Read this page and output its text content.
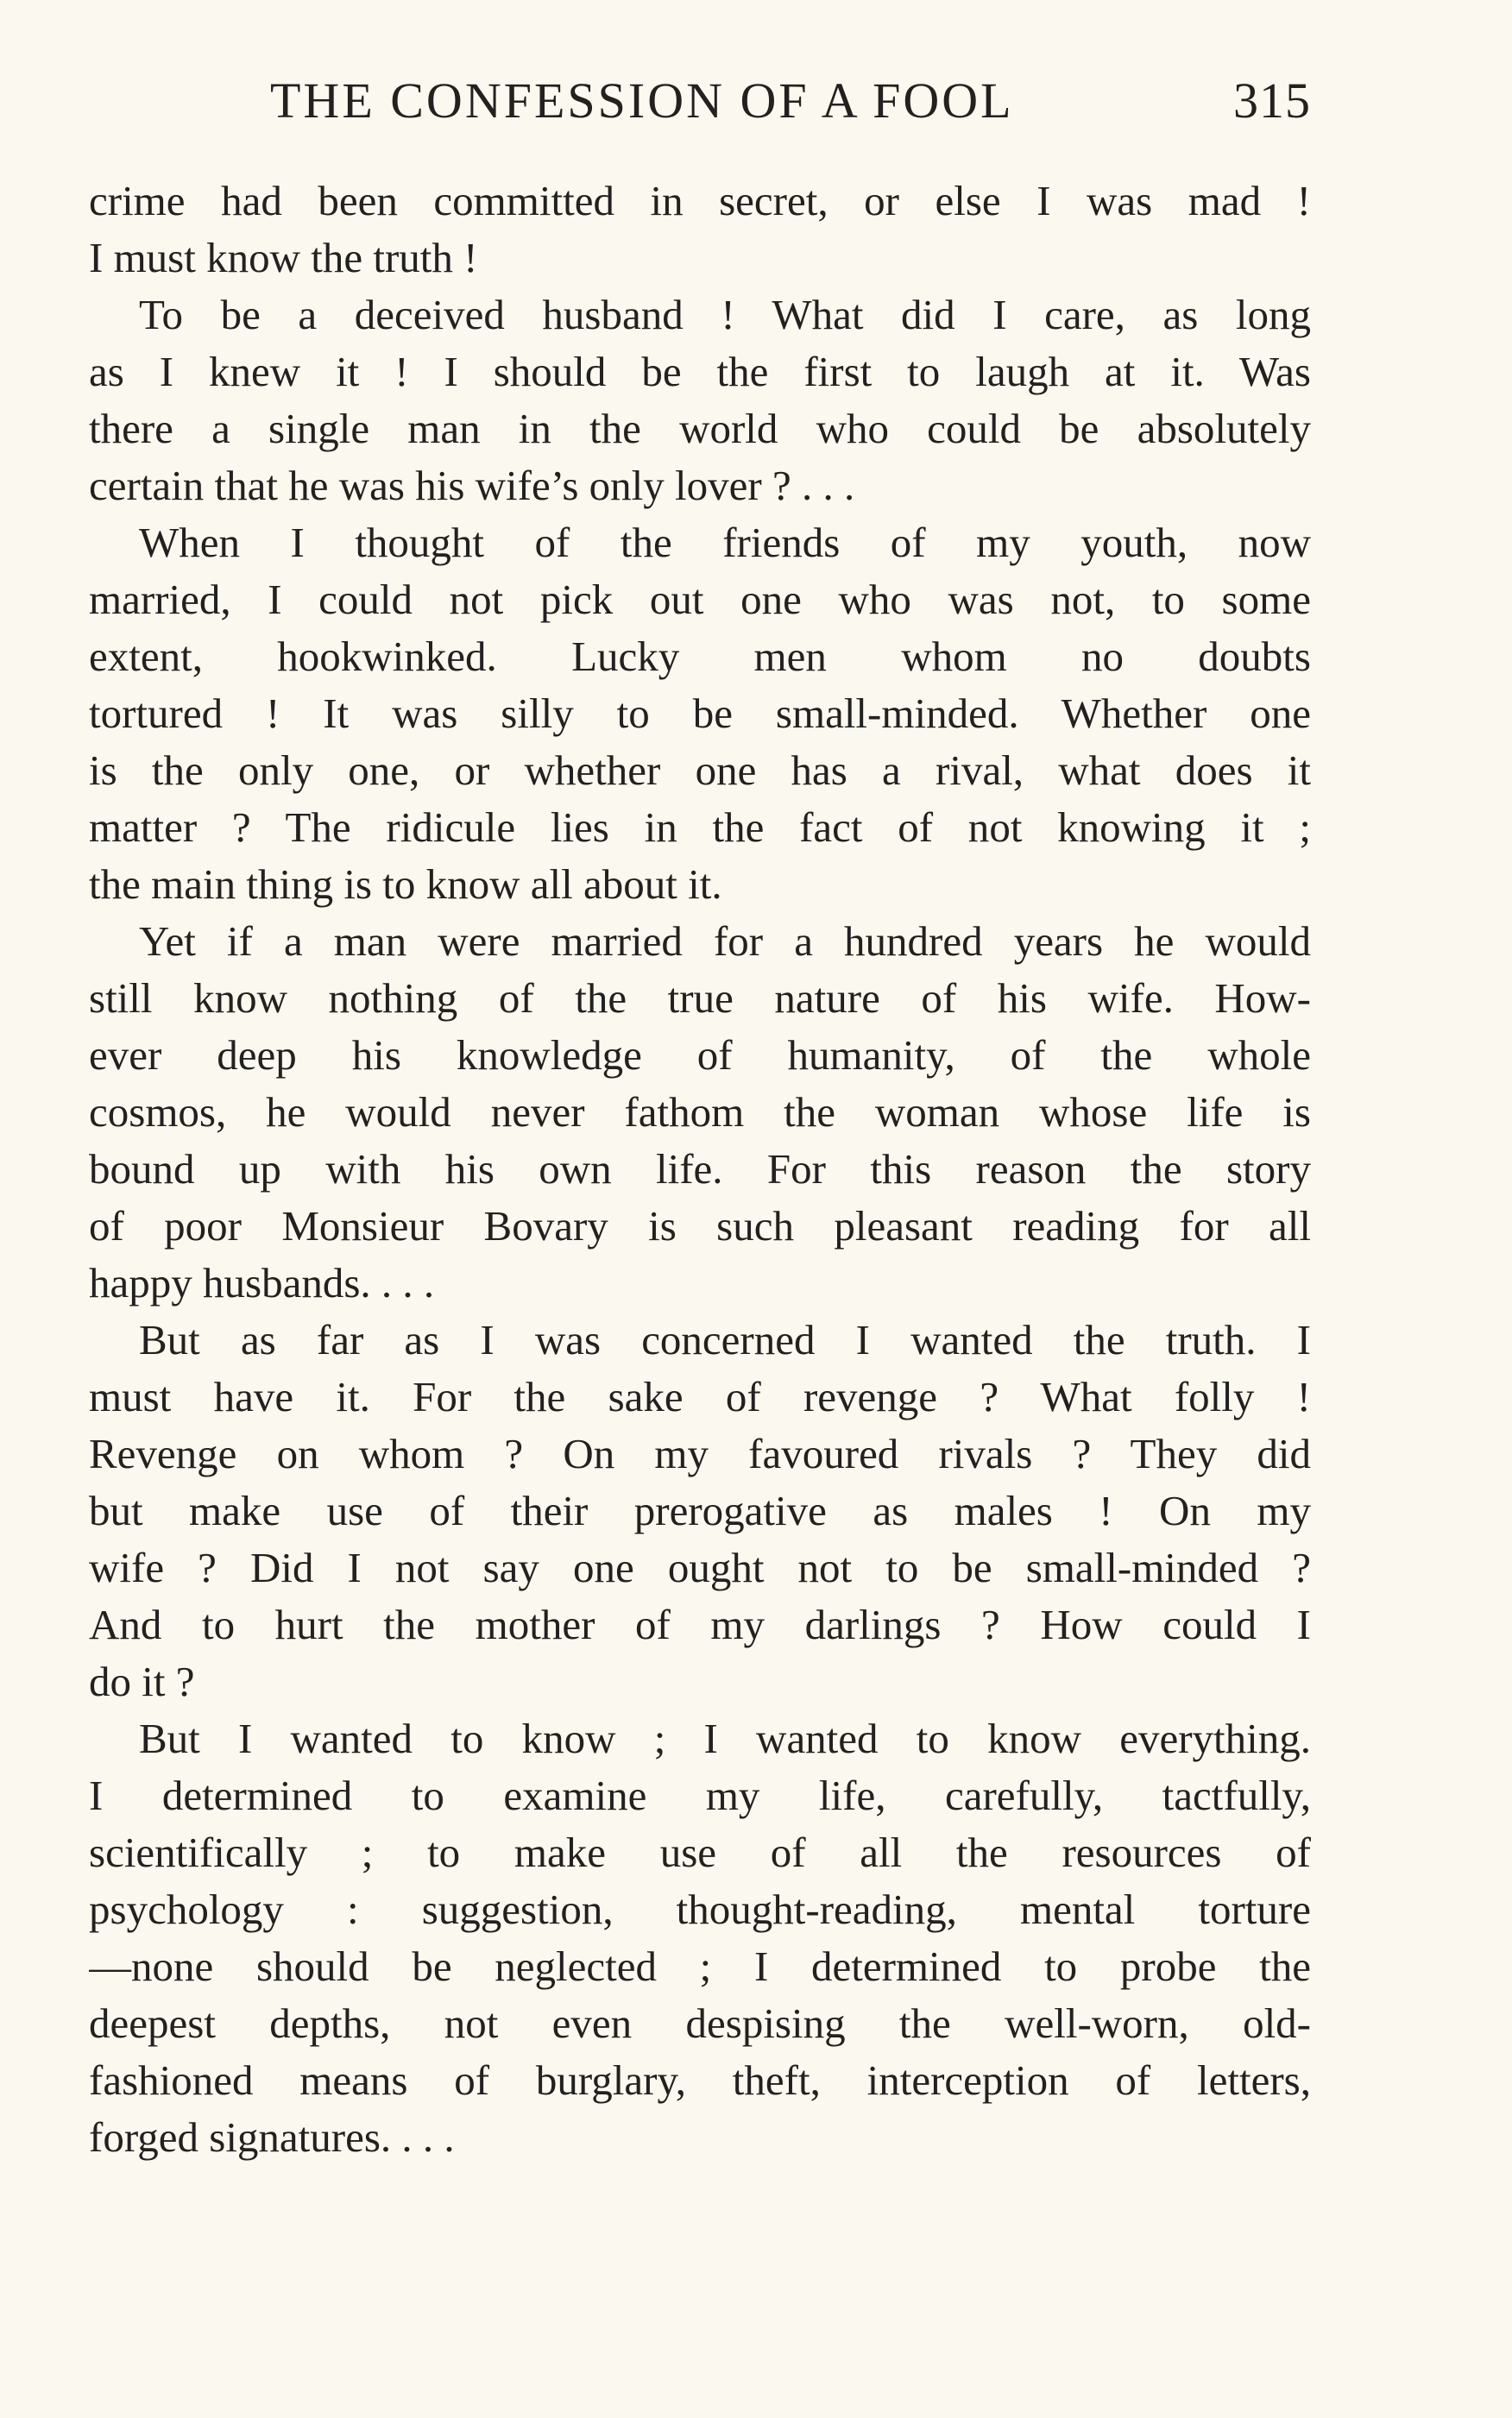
THE CONFESSION OF A FOOL	315
crime had been committed in secret, or else I was mad !
I must know the truth !
To be a deceived husband ! What did I care, as long
as I knew it ! I should be the first to laugh at it. Was
there a single man in the world who could be absolutely
certain that he was his wife’s only lover ? . . .
When I thought of the friends of my youth, now
married, I could not pick out one who was not, to some
extent, hookwinked. Lucky men whom no doubts
tortured ! It was silly to be small-minded. Whether one
is the only one, or whether one has a rival, what does it
matter ? The ridicule lies in the fact of not knowing it ;
the main thing is to know all about it.
Yet if a man were married for a hundred years he would
still know nothing of the true nature of his wife. How-
ever deep his knowledge of humanity, of the whole
cosmos, he would never fathom the woman whose life is
bound up with his own life. For this reason the story
of poor Monsieur Bovary is such pleasant reading for all
happy husbands. . . .
But as far as I was concerned I wanted the truth. I
must have it. For the sake of revenge ? What folly !
Revenge on whom ? On my favoured rivals ? They did
but make use of their prerogative as males ! On my
wife ? Did I not say one ought not to be small-minded ?
And to hurt the mother of my darlings ? How could I
do it ?
But I wanted to know ; I wanted to know everything.
I determined to examine my life, carefully, tactfully,
scientifically ; to make use of all the resources of
psychology : suggestion, thought-reading, mental torture
—none should be neglected ; I determined to probe the
deepest depths, not even despising the well-worn, old-
fashioned means of burglary, theft, interception of letters,
forged signatures. . . .
